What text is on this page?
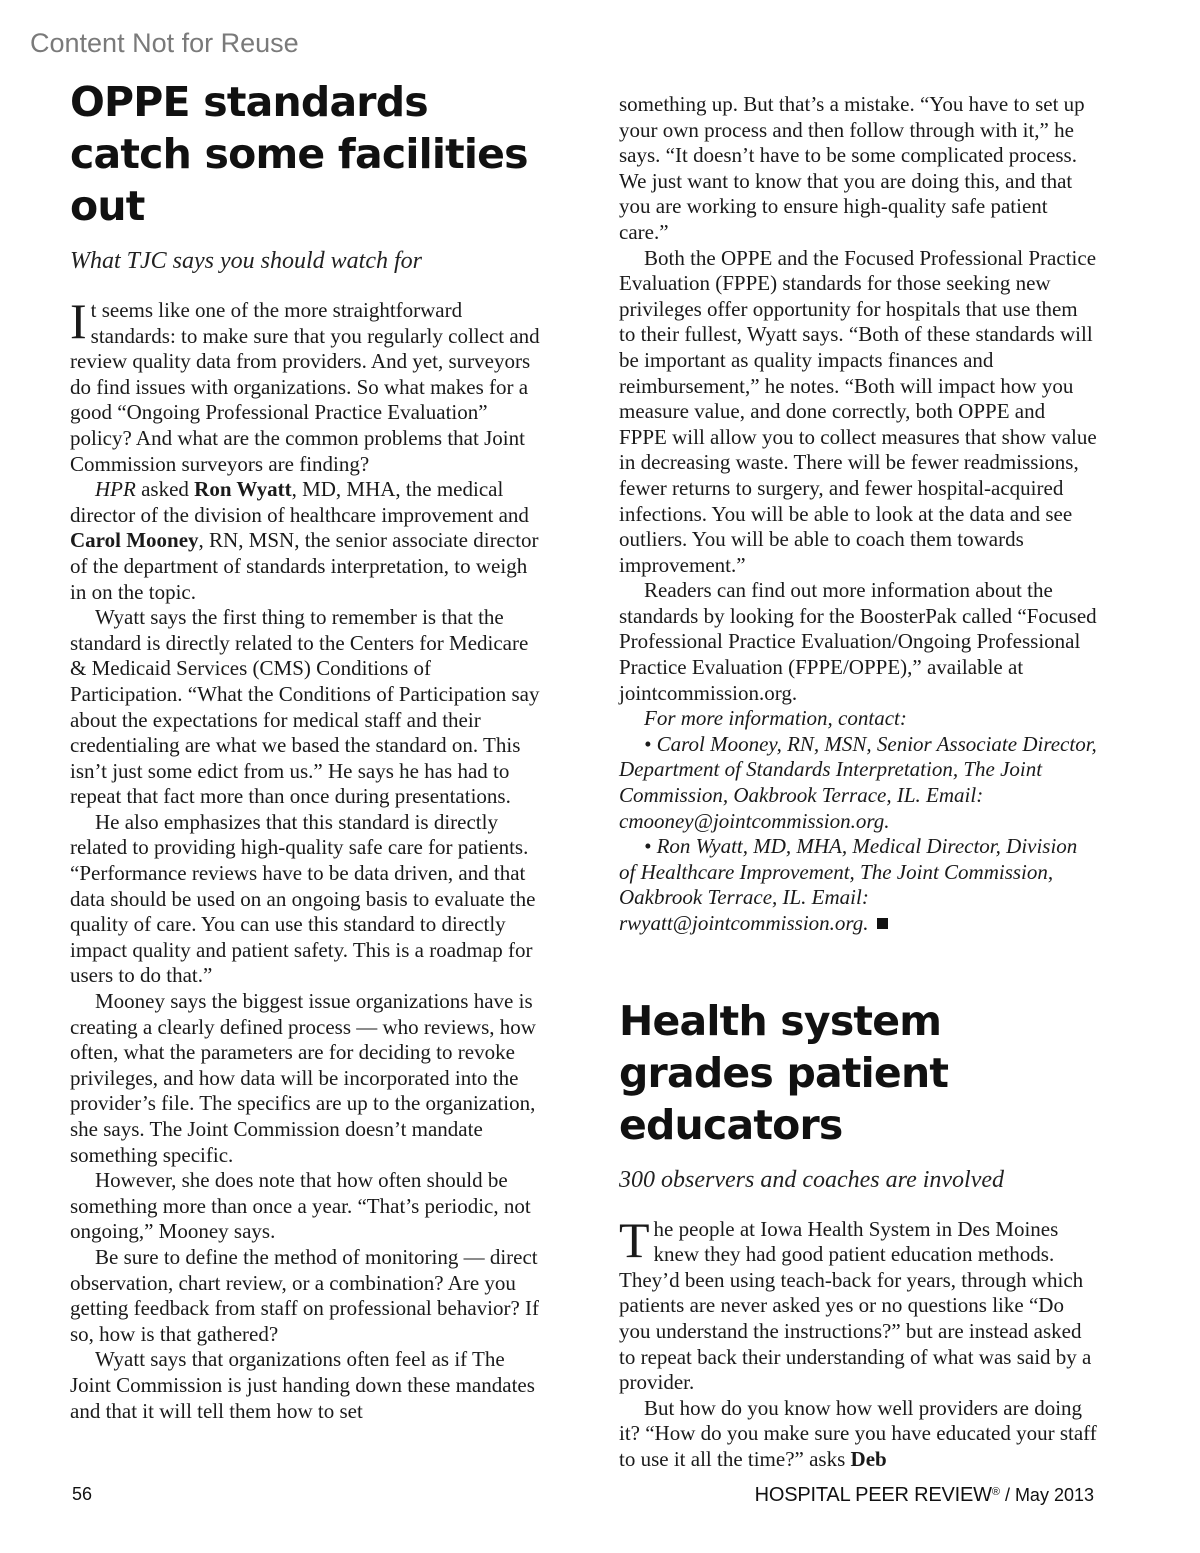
Content Not for Reuse

OPPE standards catch some facilities out
What TJC says you should watch for

It seems like one of the more straightforward standards: to make sure that you regularly collect and review quality data from providers. And yet, surveyors do find issues with organizations. So what makes for a good “Ongoing Professional Practice Evaluation” policy? And what are the common problems that Joint Commission surveyors are finding?

HPR asked Ron Wyatt, MD, MHA, the medical director of the division of healthcare improvement and Carol Mooney, RN, MSN, the senior associate director of the department of standards interpretation, to weigh in on the topic.

Wyatt says the first thing to remember is that the standard is directly related to the Centers for Medicare & Medicaid Services (CMS) Conditions of Participation. “What the Conditions of Participation say about the expectations for medical staff and their credentialing are what we based the standard on. This isn’t just some edict from us.” He says he has had to repeat that fact more than once during presentations.

He also emphasizes that this standard is directly related to providing high-quality safe care for patients. “Performance reviews have to be data driven, and that data should be used on an ongoing basis to evaluate the quality of care. You can use this standard to directly impact quality and patient safety. This is a roadmap for users to do that.”

Mooney says the biggest issue organizations have is creating a clearly defined process — who reviews, how often, what the parameters are for deciding to revoke privileges, and how data will be incorporated into the provider’s file. The specifics are up to the organization, she says. The Joint Commission doesn’t mandate something specific.

However, she does note that how often should be something more than once a year. “That’s periodic, not ongoing,” Mooney says.

Be sure to define the method of monitoring — direct observation, chart review, or a combination? Are you getting feedback from staff on professional behavior? If so, how is that gathered?

Wyatt says that organizations often feel as if The Joint Commission is just handing down these mandates and that it will tell them how to set

something up. But that’s a mistake. “You have to set up your own process and then follow through with it,” he says. “It doesn’t have to be some complicated process. We just want to know that you are doing this, and that you are working to ensure high-quality safe patient care.”

Both the OPPE and the Focused Professional Practice Evaluation (FPPE) standards for those seeking new privileges offer opportunity for hospitals that use them to their fullest, Wyatt says. “Both of these standards will be important as quality impacts finances and reimbursement,” he notes. “Both will impact how you measure value, and done correctly, both OPPE and FPPE will allow you to collect measures that show value in decreasing waste. There will be fewer readmissions, fewer returns to surgery, and fewer hospital-acquired infections. You will be able to look at the data and see outliers. You will be able to coach them towards improvement.”

Readers can find out more information about the standards by looking for the BoosterPak called “Focused Professional Practice Evaluation/Ongoing Professional Practice Evaluation (FPPE/OPPE),” available at jointcommission.org.

For more information, contact:

• Carol Mooney, RN, MSN, Senior Associate Director, Department of Standards Interpretation, The Joint Commission, Oakbrook Terrace, IL. Email: cmooney@jointcommission.org.

• Ron Wyatt, MD, MHA, Medical Director, Division of Healthcare Improvement, The Joint Commission, Oakbrook Terrace, IL. Email: rwyatt@jointcommission.org.

Health system grades patient educators
300 observers and coaches are involved

The people at Iowa Health System in Des Moines knew they had good patient education methods. They’d been using teach-back for years, through which patients are never asked yes or no questions like “Do you understand the instructions?” but are instead asked to repeat back their understanding of what was said by a provider.

But how do you know how well providers are doing it? “How do you make sure you have educated your staff to use it all the time?” asks Deb

56	HOSPITAL PEER REVIEW® / May 2013
